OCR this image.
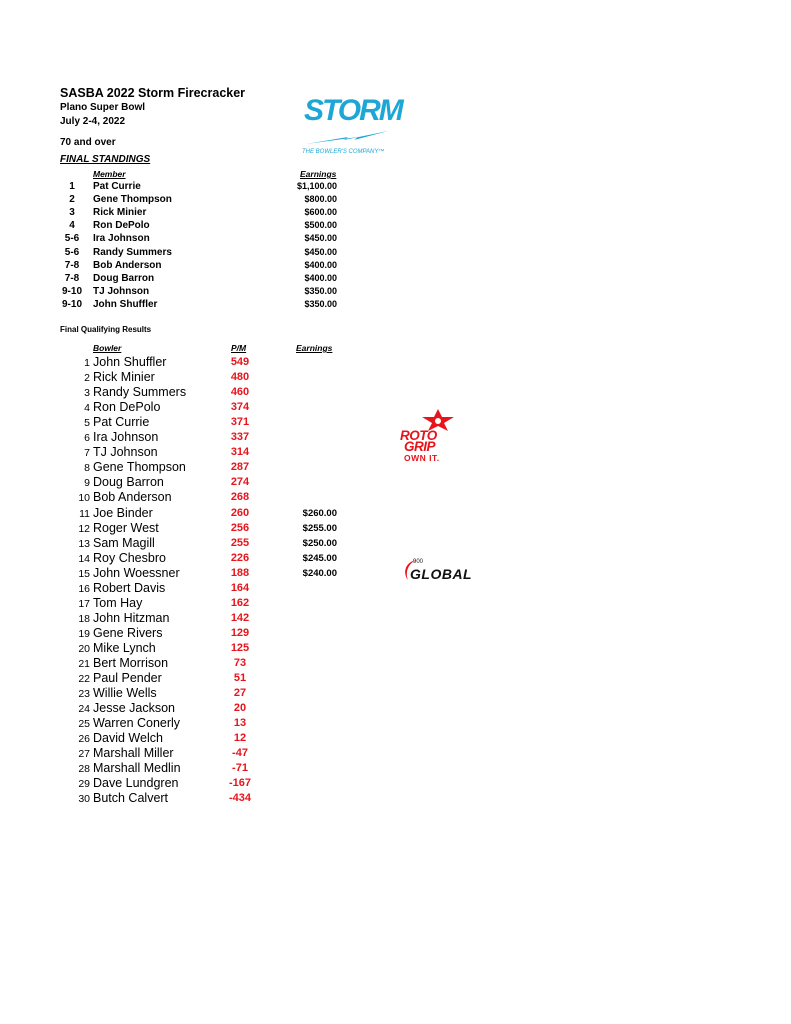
SASBA 2022 Storm Firecracker
Plano Super Bowl
July 2-4, 2022
70 and over
STORM
THE BOWLER'S COMPANY™
FINAL STANDINGS
Member	Earnings
1	Pat Currie	$1,100.00
2	Gene Thompson	$800.00
3	Rick Minier	$600.00
4	Ron DePolo	$500.00
5-6	Ira Johnson	$450.00
5-6	Randy Summers	$450.00
7-8	Bob Anderson	$400.00
7-8	Doug Barron	$400.00
9-10	TJ Johnson	$350.00
9-10	John Shuffler	$350.00
Final Qualifying Results
Bowler	P/M	Earnings
1 John Shuffler	549
2 Rick Minier	480
3 Randy Summers	460
4 Ron DePolo	374
5 Pat Currie	371
6 Ira Johnson	337
7 TJ Johnson	314
8 Gene Thompson	287
9 Doug Barron	274
10 Bob Anderson	268
11 Joe Binder	260	$260.00
12 Roger West	256	$255.00
13 Sam Magill	255	$250.00
14 Roy Chesbro	226	$245.00
15 John Woessner	188	$240.00
16 Robert Davis	164
17 Tom Hay	162
18 John Hitzman	142
19 Gene Rivers	129
20 Mike Lynch	125
21 Bert Morrison	73
22 Paul Pender	51
23 Willie Wells	27
24 Jesse Jackson	20
25 Warren Conerly	13
26 David Welch	12
27 Marshall Miller	-47
28 Marshall Medlin	-71
29 Dave Lundgren	-167
30 Butch Calvert	-434
ROTO
GRIP
OWN IT.
900
GLOBAL
